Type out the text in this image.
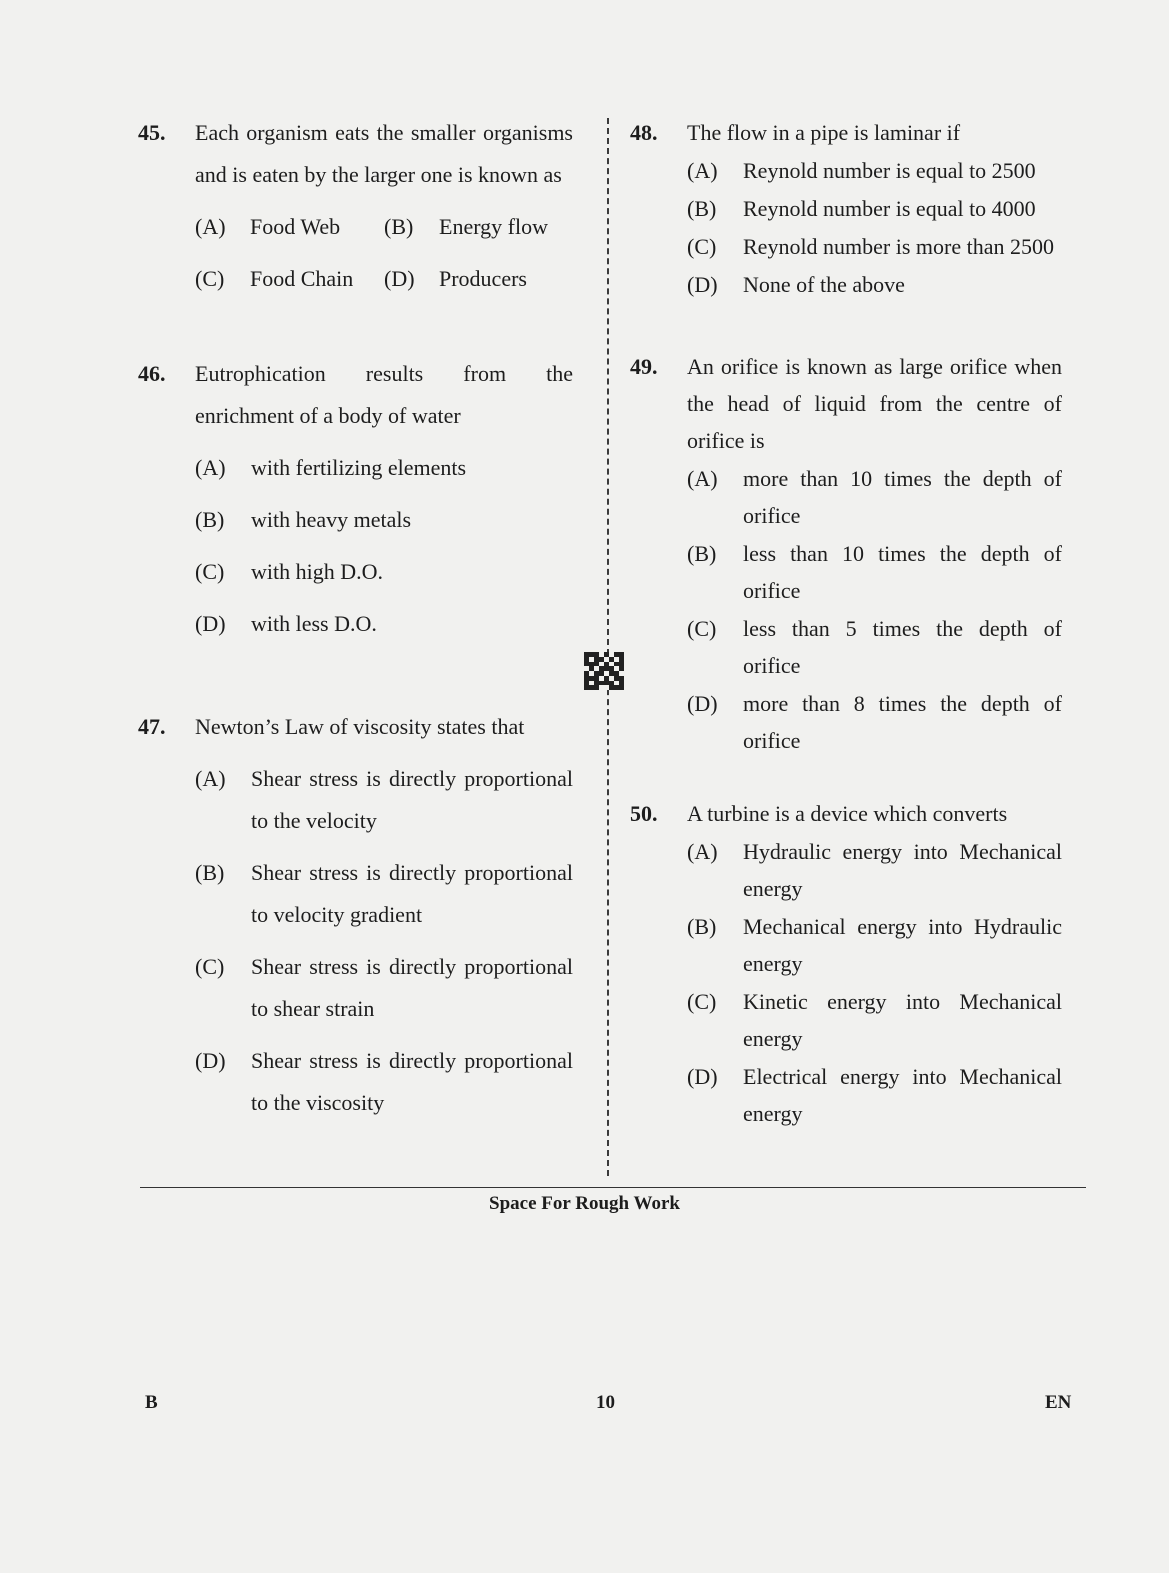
45. Each organism eats the smaller organisms and is eaten by the larger one is known as
(A)	Food Web (B)	Energy flow
(C)	Food Chain (D)	Producers
46. Eutrophication results from the enrichment of a body of water
(A) with fertilizing elements
(B) with heavy metals
(C) with high D.O.
(D) with less D.O.
47. Newton’s Law of viscosity states that
(A) Shear stress is directly proportional to the velocity
(B) Shear stress is directly proportional to velocity gradient
(C) Shear stress is directly proportional to shear strain
(D) Shear stress is directly proportional to the viscosity
48. The flow in a pipe is laminar if
(A) Reynold number is equal to 2500
(B) Reynold number is equal to 4000
(C) Reynold number is more than 2500
(D) None of the above
49. An orifice is known as large orifice when the head of liquid from the centre of orifice is
(A) more than 10 times the depth of orifice
(B) less than 10 times the depth of orifice
(C) less than 5 times the depth of orifice
(D) more than 8 times the depth of orifice
50. A turbine is a device which converts
(A) Hydraulic energy into Mechanical energy
(B) Mechanical energy into Hydraulic energy
(C) Kinetic energy into Mechanical energy
(D) Electrical energy into Mechanical energy
Space For Rough Work
B	10	EN
